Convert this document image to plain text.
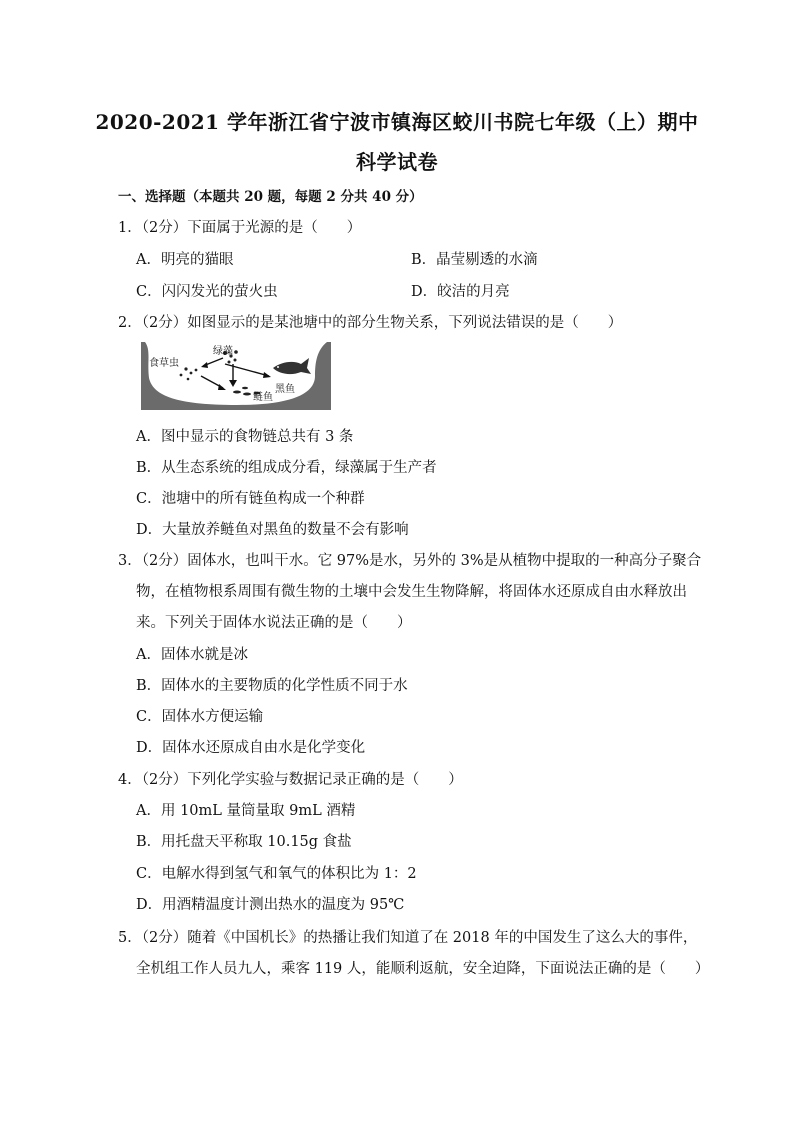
2020-2021 学年浙江省宁波市镇海区蛟川书院七年级（上）期中
科学试卷
一、选择题（本题共 20 题，每题 2 分共 40 分）
1．（2分）下面属于光源的是（　　）
A．明亮的猫眼	B．晶莹剔透的水滴
C．闪闪发光的萤火虫	D．皎洁的月亮
2．（2分）如图显示的是某池塘中的部分生物关系，下列说法错误的是（　　）
绿藻
食草虫
鲢鱼
黑鱼
A．图中显示的食物链总共有 3 条
B．从生态系统的组成成分看，绿藻属于生产者
C．池塘中的所有链鱼构成一个种群
D．大量放养鲢鱼对黑鱼的数量不会有影响
3．（2分）固体水，也叫干水。它 97%是水，另外的 3%是从植物中提取的一种高分子聚合
物，在植物根系周围有微生物的土壤中会发生生物降解，将固体水还原成自由水释放出
来。下列关于固体水说法正确的是（　　）
A．固体水就是冰
B．固体水的主要物质的化学性质不同于水
C．固体水方便运输
D．固体水还原成自由水是化学变化
4．（2分）下列化学实验与数据记录正确的是（　　）
A．用 10mL 量筒量取 9mL 酒精
B．用托盘天平称取 10.15g 食盐
C．电解水得到氢气和氧气的体积比为 1：2
D．用酒精温度计测出热水的温度为 95℃
5．（2分）随着《中国机长》的热播让我们知道了在 2018 年的中国发生了这么大的事件，
全机组工作人员九人，乘客 119 人，能顺利返航，安全迫降，下面说法正确的是（　　）
